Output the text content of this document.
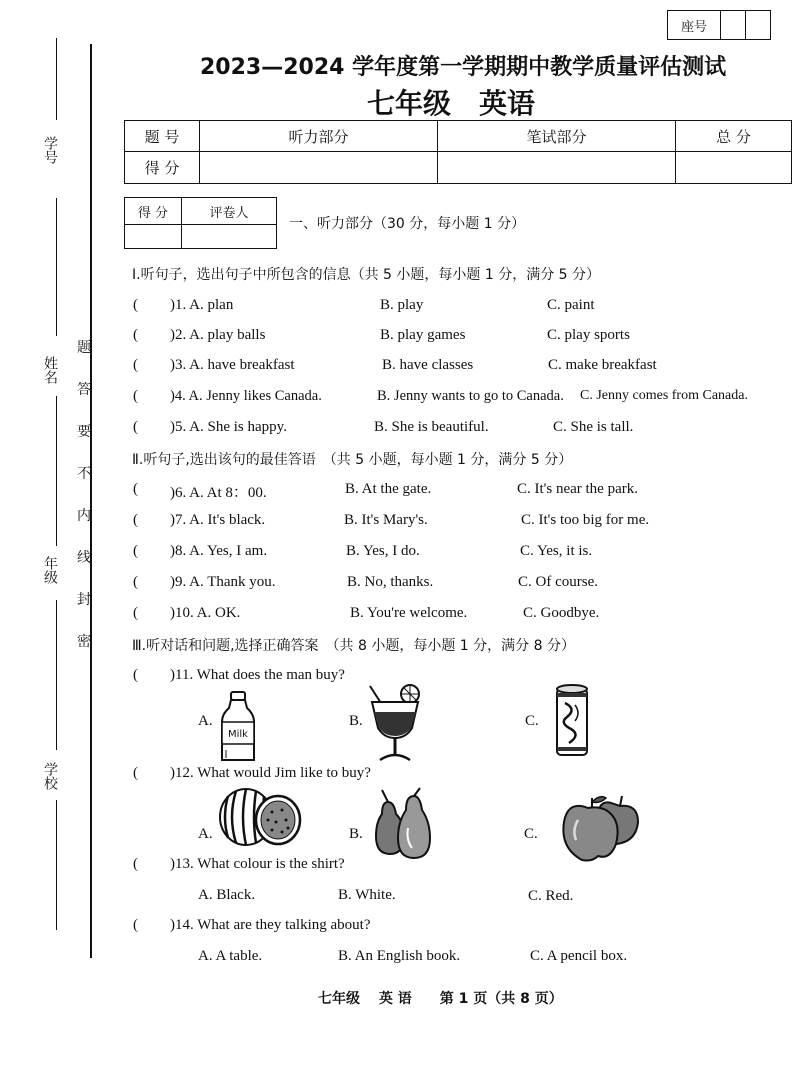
座号		
2023—2024 学年度第一学期期中教学质量评估测试
七年级　英语
题 号	听力部分	笔试部分	总 分
得 分			
得 分	评卷人

一、听力部分（30 分，每小题 1 分）
学号
姓名
年级
学校
题
答
要
不
内
线
封
密
I.听句子，选出句子中所包含的信息（共 5 小题，每小题 1 分，满分 5 分）
( )1. A. plan	B. play	C. paint
( )2. A. play balls	B. play games	C. play sports
( )3. A. have breakfast	B. have classes	C. make breakfast
( )4. A. Jenny likes Canada.	B. Jenny wants to go to Canada. C. Jenny comes from Canada.
( )5. A. She is happy.	B. She is beautiful.	C. She is tall.
Ⅱ.听句子,选出该句的最佳答语　（共 5 小题，每小题 1 分，满分 5 分）
( )6. A. At 8：00.	B. At the gate.	C. It's near the park.
( )7. A. It's black.	B. It's Mary's.	C. It's too big for me.
( )8. A. Yes, I am.	B. Yes, I do.	C. Yes, it is.
( )9. A. Thank you.	B. No, thanks.	C. Of course.
( )10. A. OK.	B. You're welcome.	C. Goodbye.
Ⅲ.听对话和问题,选择正确答案　（共 8 小题，每小题 1 分，满分 8 分）
( )11. What does the man buy?
A.	B.	C.
Milk
( )12. What would Jim like to buy?
A.	B.	C.
( )13. What colour is the shirt?
A. Black.	B. White.	C. Red.
( )14. What are they talking about?
A. A table.	B. An English book.	C. A pencil box.
七年级　 英 语　　第 1 页（共 8 页）
